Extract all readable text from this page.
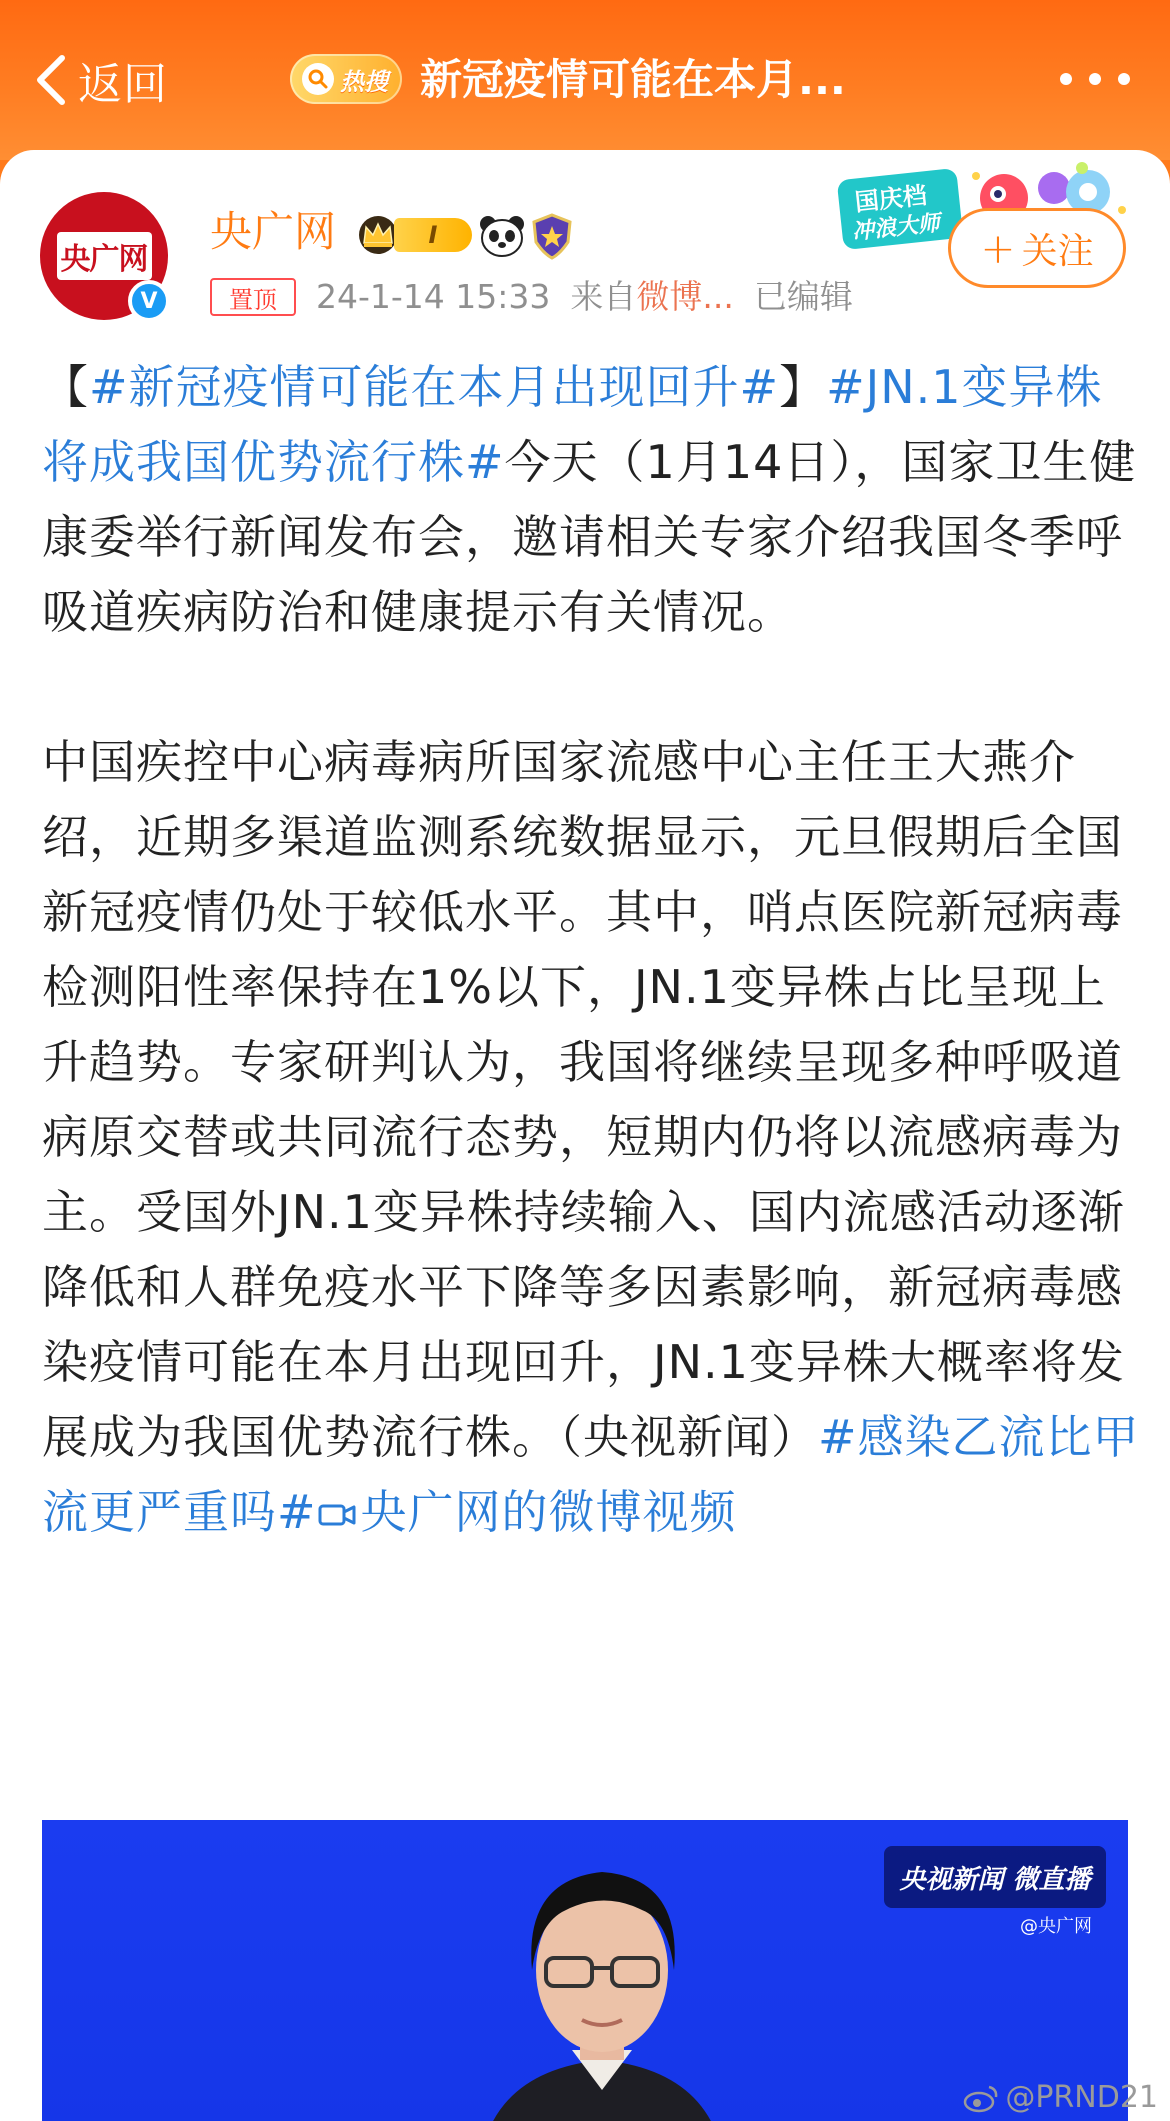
返回	热搜 新冠疫情可能在本月...
央广网
V
央广网	I
国庆档
冲浪大师 + 关注
置顶	24-1-14 15:33 来自微博... 已编辑

【#新冠疫情可能在本月出现回升#】#JN.1变异株将成我国优势流行株#今天（1月14日），国家卫生健康委举行新闻发布会，邀请相关专家介绍我国冬季呼吸道疾病防治和健康提示有关情况。

中国疾控中心病毒病所国家流感中心主任王大燕介绍，近期多渠道监测系统数据显示，元旦假期后全国新冠疫情仍处于较低水平。其中，哨点医院新冠病毒检测阳性率保持在1%以下，JN.1变异株占比呈现上升趋势。专家研判认为，我国将继续呈现多种呼吸道病原交替或共同流行态势，短期内仍将以流感病毒为主。受国外JN.1变异株持续输入、国内流感活动逐渐降低和人群免疫水平下降等多因素影响，新冠病毒感染疫情可能在本月出现回升，JN.1变异株大概率将发展成为我国优势流行株。（央视新闻）#感染乙流比甲流更严重吗# 央广网的微博视频

央视新闻 微直播
@央广网
@PRND21
